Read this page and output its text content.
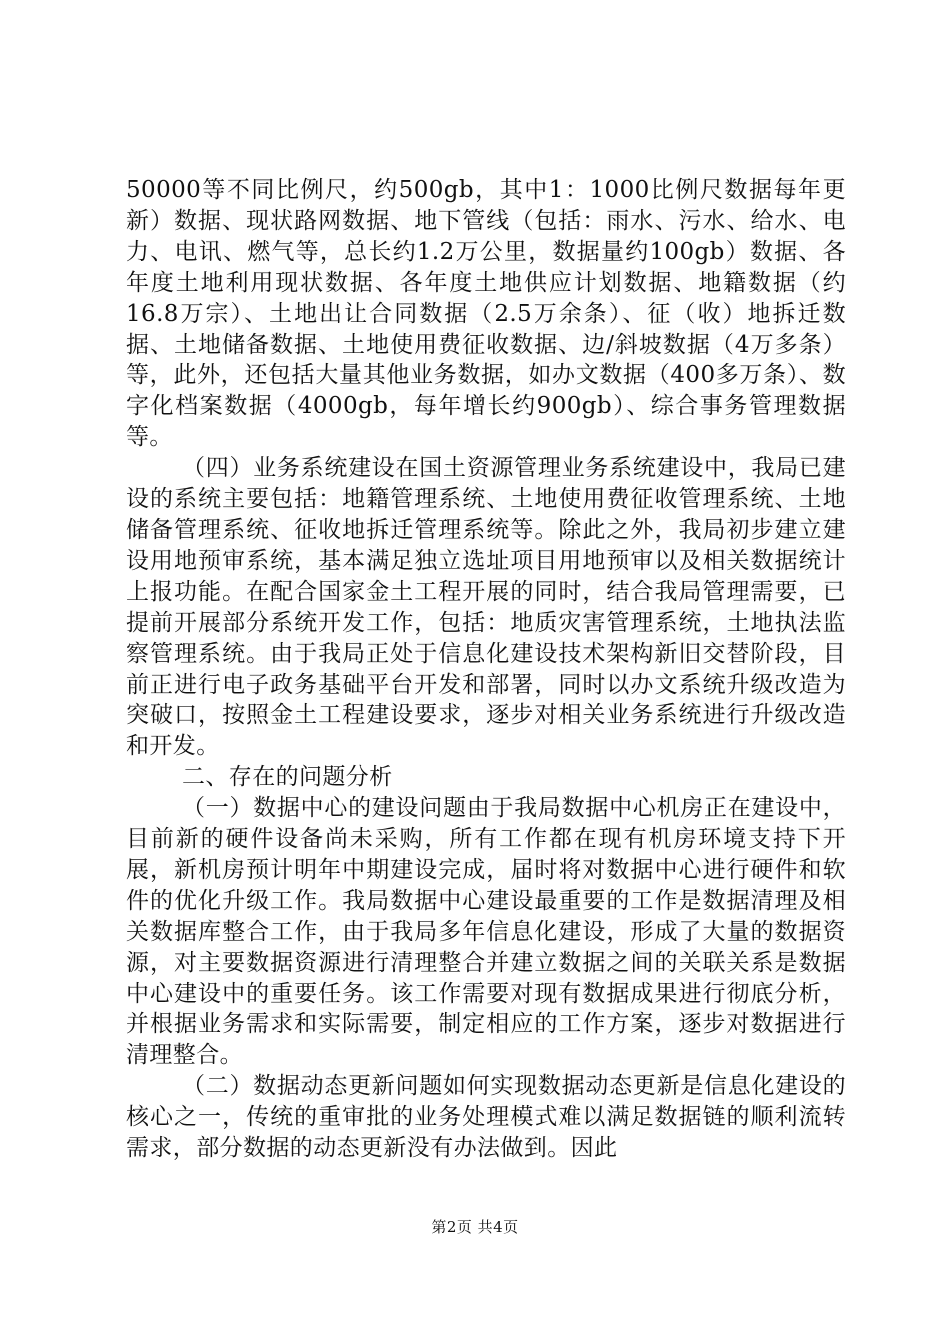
50000等不同比例尺，约500gb，其中1：1000比例尺数据每年更新）数据、现状路网数据、地下管线（包括：雨水、污水、给水、电力、电讯、燃气等，总长约1.2万公里，数据量约100gb）数据、各年度土地利用现状数据、各年度土地供应计划数据、地籍数据（约16.8万宗）、土地出让合同数据（2.5万余条）、征（收）地拆迁数据、土地储备数据、土地使用费征收数据、边/斜坡数据（4万多条）等，此外，还包括大量其他业务数据，如办文数据（400多万条）、数字化档案数据（4000gb，每年增长约900gb）、综合事务管理数据等。

（四）业务系统建设在国土资源管理业务系统建设中，我局已建设的系统主要包括：地籍管理系统、土地使用费征收管理系统、土地储备管理系统、征收地拆迁管理系统等。除此之外，我局初步建立建设用地预审系统，基本满足独立选址项目用地预审以及相关数据统计上报功能。在配合国家金土工程开展的同时，结合我局管理需要，已提前开展部分系统开发工作，包括：地质灾害管理系统，土地执法监察管理系统。由于我局正处于信息化建设技术架构新旧交替阶段，目前正进行电子政务基础平台开发和部署，同时以办文系统升级改造为突破口，按照金土工程建设要求，逐步对相关业务系统进行升级改造和开发。

二、存在的问题分析

（一）数据中心的建设问题由于我局数据中心机房正在建设中，目前新的硬件设备尚未采购，所有工作都在现有机房环境支持下开展，新机房预计明年中期建设完成，届时将对数据中心进行硬件和软件的优化升级工作。我局数据中心建设最重要的工作是数据清理及相关数据库整合工作，由于我局多年信息化建设，形成了大量的数据资源，对主要数据资源进行清理整合并建立数据之间的关联关系是数据中心建设中的重要任务。该工作需要对现有数据成果进行彻底分析，并根据业务需求和实际需要，制定相应的工作方案，逐步对数据进行清理整合。

（二）数据动态更新问题如何实现数据动态更新是信息化建设的核心之一，传统的重审批的业务处理模式难以满足数据链的顺利流转需求，部分数据的动态更新没有办法做到。因此

第2页 共4页
